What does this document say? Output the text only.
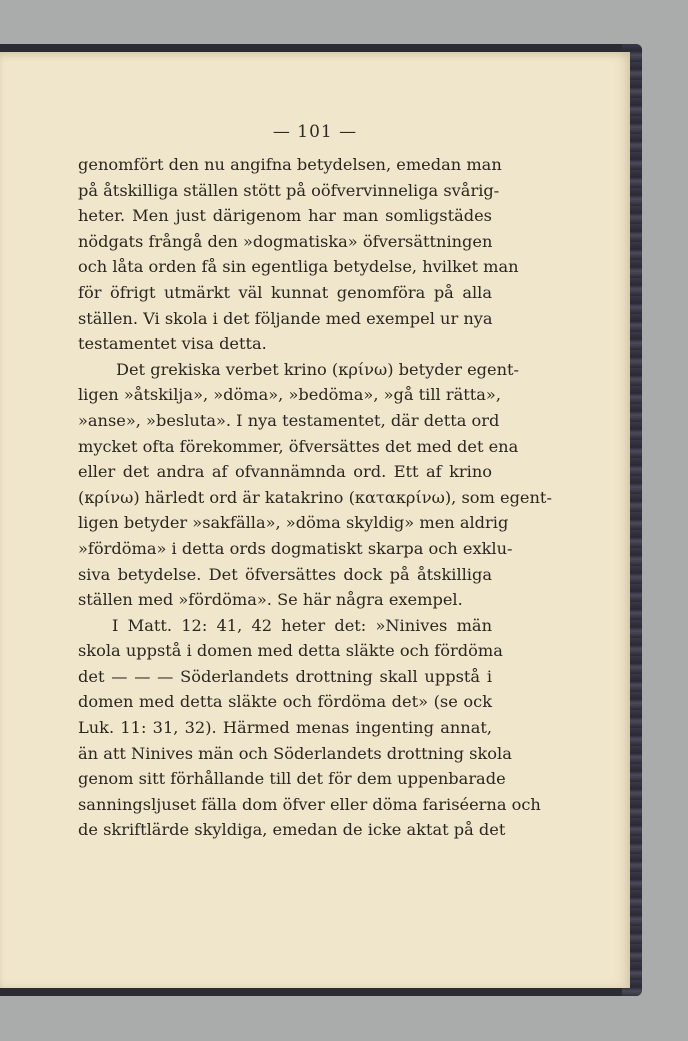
— 101 —
genomfört den nu angifna betydelsen, emedan man
på åtskilliga ställen stött på oöfvervinneliga svårig-
heter. Men just därigenom har man somligstädes
nödgats frångå den »dogmatiska» öfversättningen
och låta orden få sin egentliga betydelse, hvilket man
för öfrigt utmärkt väl kunnat genomföra på alla
ställen. Vi skola i det följande med exempel ur nya
testamentet visa detta.
Det grekiska verbet krino (κρίνω) betyder egent-
ligen »åtskilja», »döma», »bedöma», »gå till rätta»,
»anse», »besluta». I nya testamentet, där detta ord
mycket ofta förekommer, öfversättes det med det ena
eller det andra af ofvannämnda ord. Ett af krino
(κρίνω) härledt ord är katakrino (κατακρίνω), som egent-
ligen betyder »sakfälla», »döma skyldig» men aldrig
»fördöma» i detta ords dogmatiskt skarpa och exklu-
siva betydelse. Det öfversättes dock på åtskilliga
ställen med »fördöma». Se här några exempel.
I Matt. 12: 41, 42 heter det: »Ninives män
skola uppstå i domen med detta släkte och fördöma
det — — — Söderlandets drottning skall uppstå i
domen med detta släkte och fördöma det» (se ock
Luk. 11: 31, 32). Härmed menas ingenting annat,
än att Ninives män och Söderlandets drottning skola
genom sitt förhållande till det för dem uppenbarade
sanningsljuset fälla dom öfver eller döma fariséerna och
de skriftlärde skyldiga, emedan de icke aktat på det
